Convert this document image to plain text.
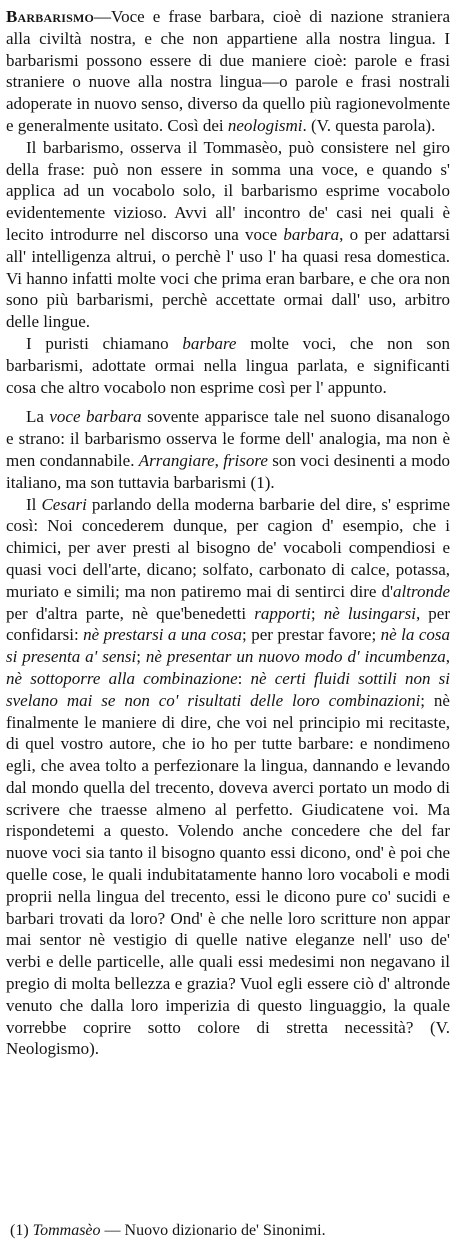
Barbarismo—Voce e frase barbara, cioè di nazione straniera alla civiltà nostra, e che non appartiene alla nostra lingua. I barbarismi possono essere di due maniere cioè: parole e frasi straniere o nuove alla nostra lingua—o parole e frasi nostrali adoperate in nuovo senso, diverso da quello più ragionevolmente e generalmente usitato. Così dei neologismi. (V. questa parola).

Il barbarismo, osserva il Tommasèo, può consistere nel giro della frase: può non essere in somma una voce, e quando s' applica ad un vocabolo solo, il barbarismo esprime vocabolo evidentemente vizioso. Avvi all' incontro de' casi nei quali è lecito introdurre nel discorso una voce barbara, o per adattarsi all' intelligenza altrui, o perchè l' uso l' ha quasi resa domestica. Vi hanno infatti molte voci che prima eran barbare, e che ora non sono più barbarismi, perchè accettate ormai dall' uso, arbitro delle lingue.

I puristi chiamano barbare molte voci, che non son barbarismi, adottate ormai nella lingua parlata, e significanti cosa che altro vocabolo non esprime così per l' appunto.

La voce barbara sovente apparisce tale nel suono disanalogo e strano: il barbarismo osserva le forme dell' analogia, ma non è men condannabile. Arrangiare, frisore son voci desinenti a modo italiano, ma son tuttavia barbarismi (1).

Il Cesari parlando della moderna barbarie del dire, s' esprime così: Noi concederem dunque, per cagion d' esempio, che i chimici, per aver presti al bisogno de' vocaboli compendiosi e quasi voci dell'arte, dicano; solfato, carbonato di calce, potassa, muriato e simili; ma non patiremo mai di sentirci dire d'altronde per d'altra parte, nè que'benedetti rapporti; nè lusingarsi, per confidarsi: nè prestarsi a una cosa; per prestar favore; nè la cosa si presenta a' sensi; nè presentar un nuovo modo d' incumbenza, nè sottoporre alla combinazione: nè certi fluidi sottili non si svelano mai se non co' risultati delle loro combinazioni; nè finalmente le maniere di dire, che voi nel principio mi recitaste, di quel vostro autore, che io ho per tutte barbare: e nondimeno egli, che avea tolto a perfezionare la lingua, dannando e levando dal mondo quella del trecento, doveva averci portato un modo di scrivere che traesse almeno al perfetto. Giudicatene voi. Ma rispondetemi a questo. Volendo anche concedere che del far nuove voci sia tanto il bisogno quanto essi dicono, ond' è poi che quelle cose, le quali indubitatamente hanno loro vocaboli e modi proprii nella lingua del trecento, essi le dicono pure co' sucidi e barbari trovati da loro? Ond' è che nelle loro scritture non appar mai sentor nè vestigio di quelle native eleganze nell' uso de' verbi e delle particelle, alle quali essi medesimi non negavano il pregio di molta bellezza e grazia? Vuol egli essere ciò d' altronde venuto che dalla loro imperizia di questo linguaggio, la quale vorrebbe coprire sotto colore di stretta necessità? (V. Neologismo).

(1) Tommasèo — Nuovo dizionario de' Sinonimi.
